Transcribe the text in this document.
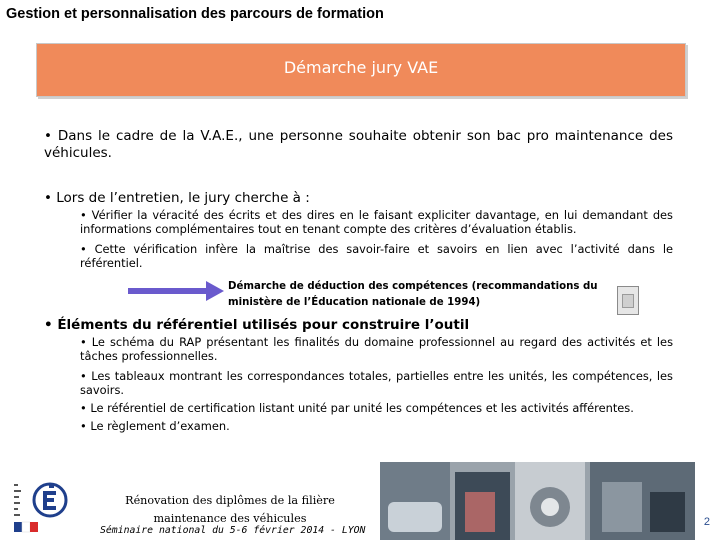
Gestion et personnalisation des parcours de formation
Démarche jury VAE
• Dans le cadre de la V.A.E., une personne souhaite obtenir son bac pro maintenance des véhicules.
• Lors de l’entretien, le jury cherche à :
• Vérifier la véracité des écrits et des dires en le faisant expliciter davantage, en lui demandant des informations complémentaires tout en tenant compte des critères d’évaluation établis.
• Cette vérification infère la maîtrise des savoir-faire et savoirs en lien avec l’activité dans le référentiel.
Démarche de déduction des compétences (recommandations du
ministère de l’Éducation nationale de 1994)
• Éléments du référentiel utilisés pour construire l’outil
• Le schéma du RAP présentant les finalités du domaine professionnel au regard des activités et les tâches professionnelles.
• Les tableaux montrant les correspondances totales, partielles entre les unités, les compétences, les savoirs.
• Le référentiel de certification listant unité par unité les compétences et les activités afférentes.
• Le règlement d’examen.
Rénovation des diplômes de la filière
maintenance des véhicules
Séminaire national du 5-6 février 2014 - LYON
2
